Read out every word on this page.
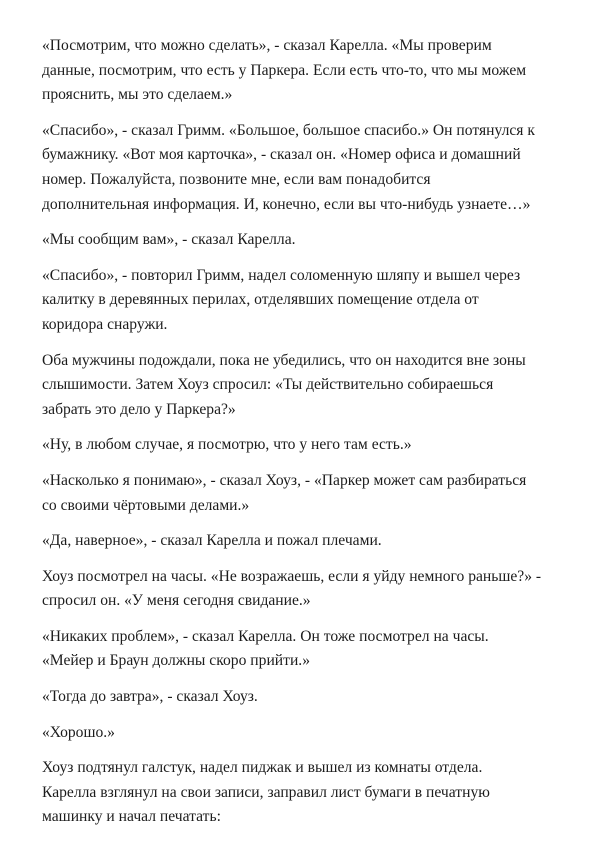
«Посмотрим, что можно сделать», - сказал Карелла. «Мы проверим
данные, посмотрим, что есть у Паркера. Если есть что-то, что мы можем
прояснить, мы это сделаем.»

«Спасибо», - сказал Гримм. «Большое, большое спасибо.» Он потянулся к
бумажнику. «Вот моя карточка», - сказал он. «Номер офиса и домашний
номер. Пожалуйста, позвоните мне, если вам понадобится
дополнительная информация. И, конечно, если вы что-нибудь узнаете…»

«Мы сообщим вам», - сказал Карелла.

«Спасибо», - повторил Гримм, надел соломенную шляпу и вышел через
калитку в деревянных перилах, отделявших помещение отдела от
коридора снаружи.

Оба мужчины подождали, пока не убедились, что он находится вне зоны
слышимости. Затем Хоуз спросил: «Ты действительно собираешься
забрать это дело у Паркера?»

«Ну, в любом случае, я посмотрю, что у него там есть.»

«Насколько я понимаю», - сказал Хоуз, - «Паркер может сам разбираться
со своими чёртовыми делами.»

«Да, наверное», - сказал Карелла и пожал плечами.

Хоуз посмотрел на часы. «Не возражаешь, если я уйду немного раньше?» -
спросил он. «У меня сегодня свидание.»

«Никаких проблем», - сказал Карелла. Он тоже посмотрел на часы.
«Мейер и Браун должны скоро прийти.»

«Тогда до завтра», - сказал Хоуз.

«Хорошо.»

Хоуз подтянул галстук, надел пиджак и вышел из комнаты отдела.
Карелла взглянул на свои записи, заправил лист бумаги в печатную
машинку и начал печатать:
